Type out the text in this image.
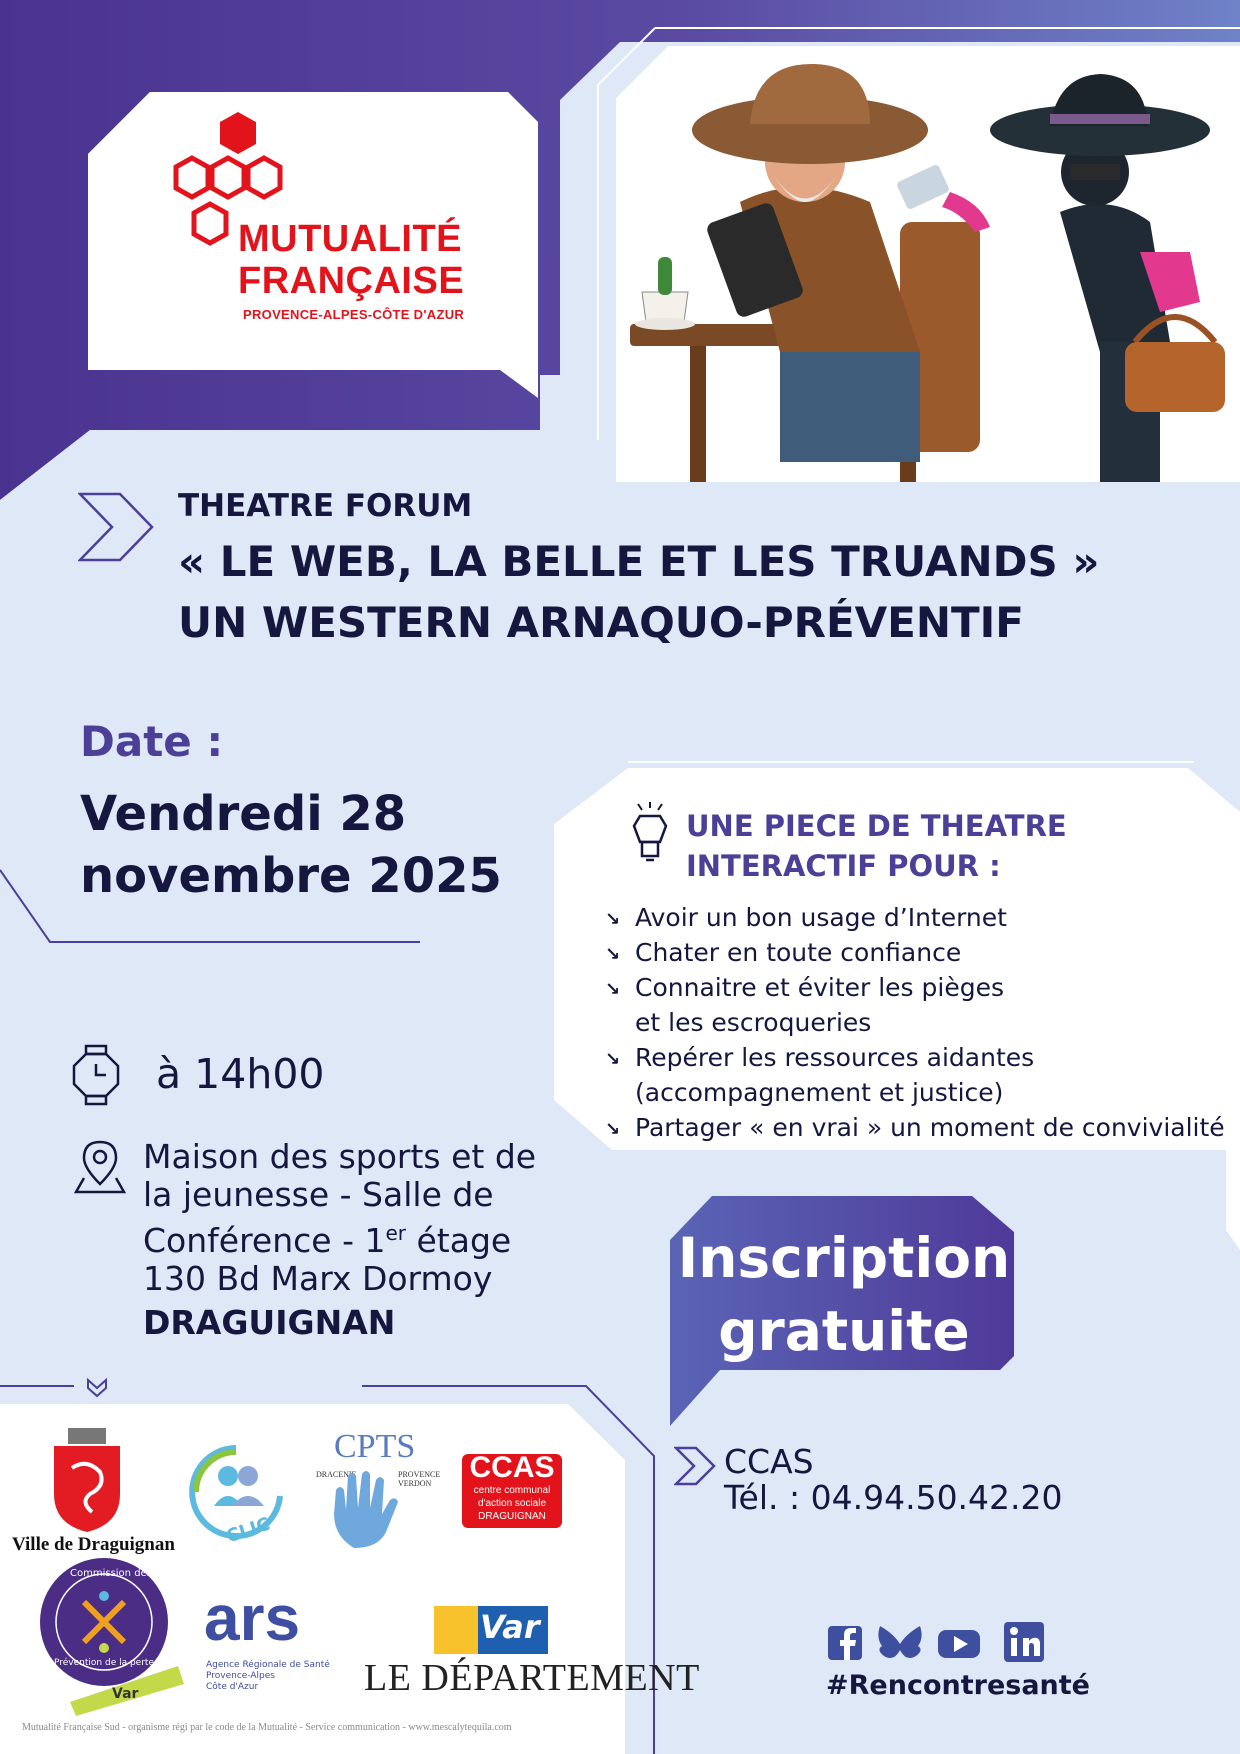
MUTUALITÉ
FRANÇAISE
PROVENCE-ALPES-CÔTE D'AZUR
THEATRE FORUM
« LE WEB, LA BELLE ET LES TRUANDS »
UN WESTERN ARNAQUO-PRÉVENTIF
Date :
Vendredi 28
novembre 2025
à 14h00
Maison des sports et de
la jeunesse - Salle de
Conférence - 1er étage
130 Bd Marx Dormoy
DRAGUIGNAN
UNE PIECE DE THEATRE
INTERACTIF POUR :
↘ Avoir un bon usage d’Internet
↘ Chater en toute confiance
↘ Connaitre et éviter les pièges et les escroqueries
↘ Repérer les ressources aidantes (accompagnement et justice)
↘ Partager « en vrai » un moment de convivialité
Inscription
gratuite
CCAS
Tél. : 04.94.50.42.20
Ville de Draguignan	CLIC
CPTS
DRACENIE	PROVENCE VERDON	CCAS
centre communal
d'action sociale
DRAGUIGNAN
Commission des financeurs
Prévention de la perte d'autonomie
Var
ars
Agence Régionale de Santé
Provence-Alpes
Côte d'Azur
Var
LE DÉPARTEMENT	#Rencontresanté
Mutualité Française Sud - organisme régi par le code de la Mutualité - Service communication - www.mescalytequila.com
